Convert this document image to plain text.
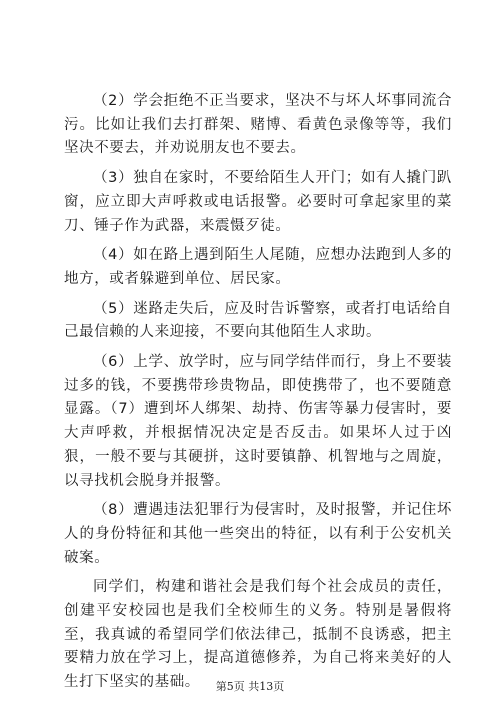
（2）学会拒绝不正当要求，坚决不与坏人坏事同流合污。比如让我们去打群架、赌博、看黄色录像等等，我们坚决不要去，并劝说朋友也不要去。

（3）独自在家时，不要给陌生人开门；如有人撬门趴窗，应立即大声呼救或电话报警。必要时可拿起家里的菜刀、锤子作为武器，来震慑歹徒。

（4）如在路上遇到陌生人尾随，应想办法跑到人多的地方，或者躲避到单位、居民家。

（5）迷路走失后，应及时告诉警察，或者打电话给自己最信赖的人来迎接，不要向其他陌生人求助。

（6）上学、放学时，应与同学结伴而行，身上不要装过多的钱，不要携带珍贵物品，即使携带了，也不要随意显露。（7）遭到坏人绑架、劫持、伤害等暴力侵害时，要大声呼救，并根据情况决定是否反击。如果坏人过于凶狠，一般不要与其硬拼，这时要镇静、机智地与之周旋，以寻找机会脱身并报警。

（8）遭遇违法犯罪行为侵害时，及时报警，并记住坏人的身份特征和其他一些突出的特征，以有利于公安机关破案。

同学们，构建和谐社会是我们每个社会成员的责任，创建平安校园也是我们全校师生的义务。特别是暑假将至，我真诚的希望同学们依法律己，抵制不良诱惑，把主要精力放在学习上，提高道德修养，为自己将来美好的人生打下坚实的基础。	第5页 共13页
